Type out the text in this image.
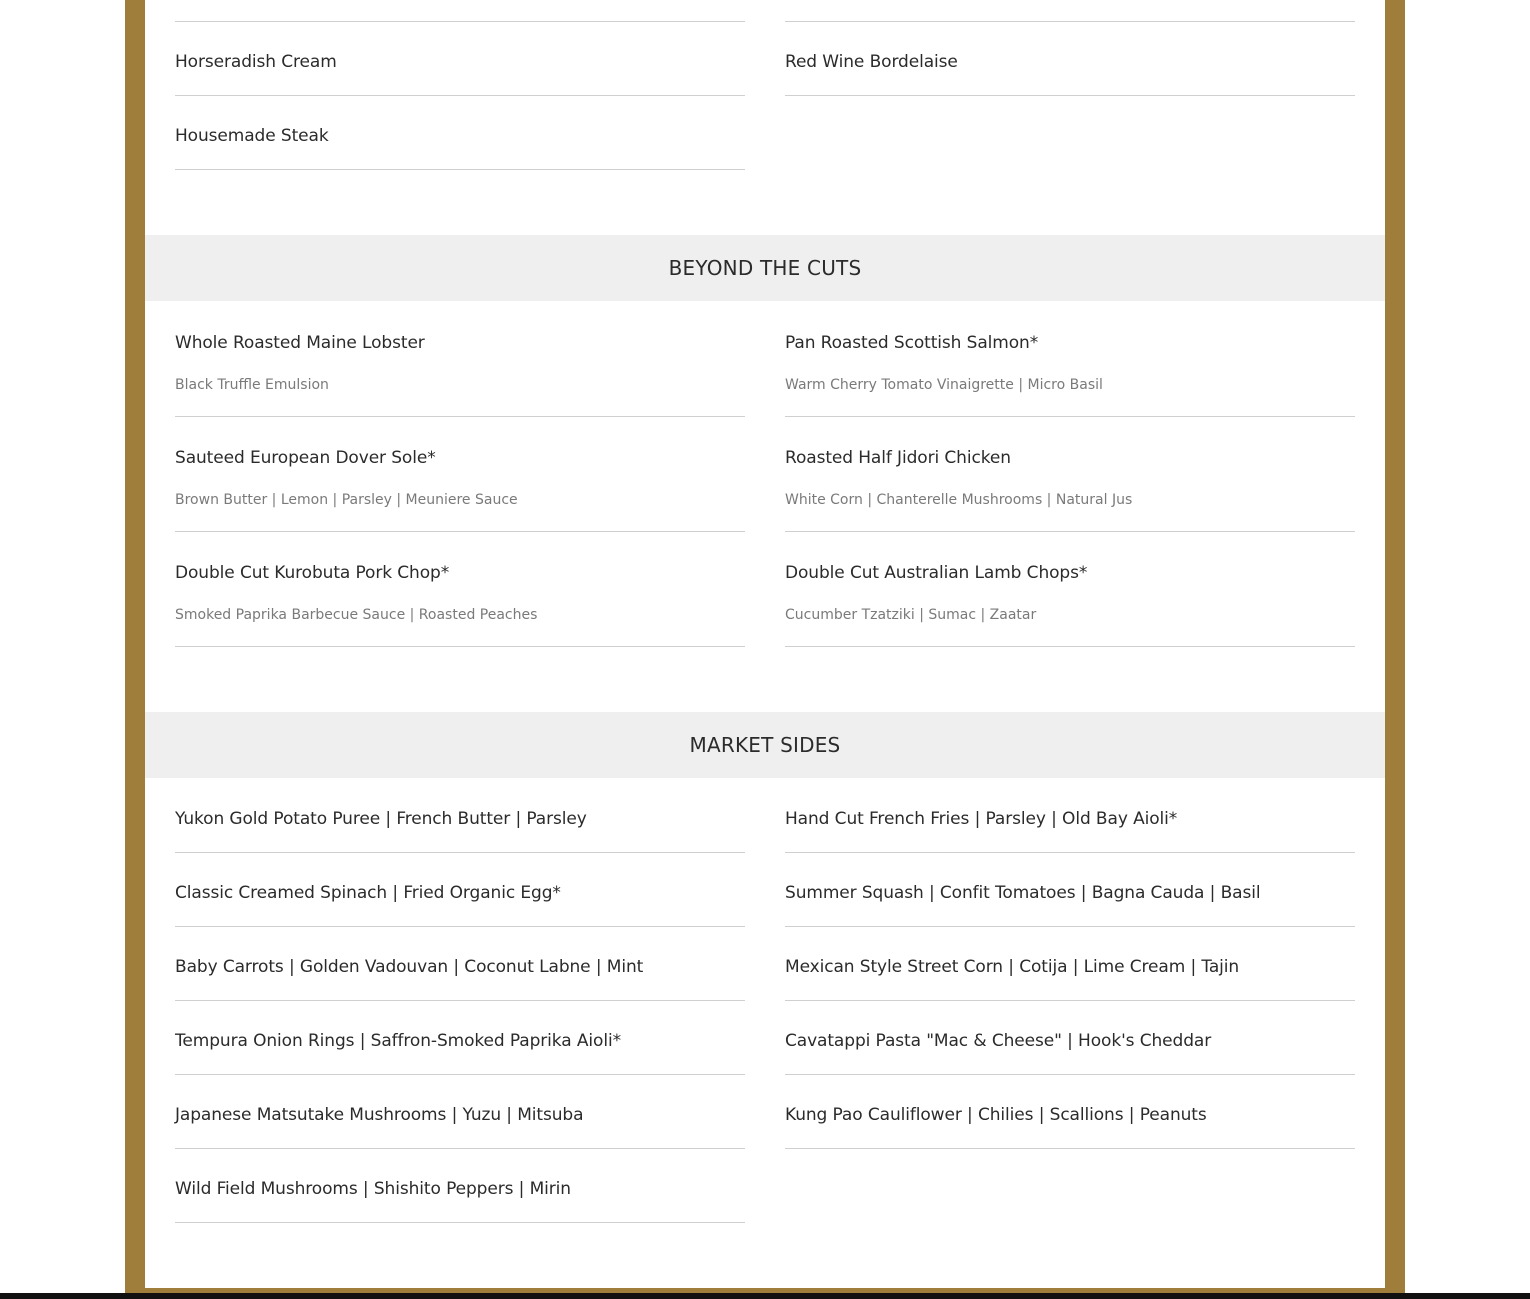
Horseradish Cream	Red Wine Bordelaise
Housemade Steak
BEYOND THE CUTS
Whole Roasted Maine Lobster
Black Truffle Emulsion
Pan Roasted Scottish Salmon*
Warm Cherry Tomato Vinaigrette | Micro Basil
Sauteed European Dover Sole*
Brown Butter | Lemon | Parsley | Meuniere Sauce
Roasted Half Jidori Chicken
White Corn | Chanterelle Mushrooms | Natural Jus
Double Cut Kurobuta Pork Chop*
Smoked Paprika Barbecue Sauce | Roasted Peaches
Double Cut Australian Lamb Chops*
Cucumber Tzatziki | Sumac | Zaatar
MARKET SIDES
Yukon Gold Potato Puree | French Butter | Parsley	Hand Cut French Fries | Parsley | Old Bay Aioli*
Classic Creamed Spinach | Fried Organic Egg*	Summer Squash | Confit Tomatoes | Bagna Cauda | Basil
Baby Carrots | Golden Vadouvan | Coconut Labne | Mint	Mexican Style Street Corn | Cotija | Lime Cream | Tajin
Tempura Onion Rings | Saffron-Smoked Paprika Aioli*	Cavatappi Pasta "Mac & Cheese" | Hook's Cheddar
Japanese Matsutake Mushrooms | Yuzu | Mitsuba	Kung Pao Cauliflower | Chilies | Scallions | Peanuts
Wild Field Mushrooms | Shishito Peppers | Mirin
